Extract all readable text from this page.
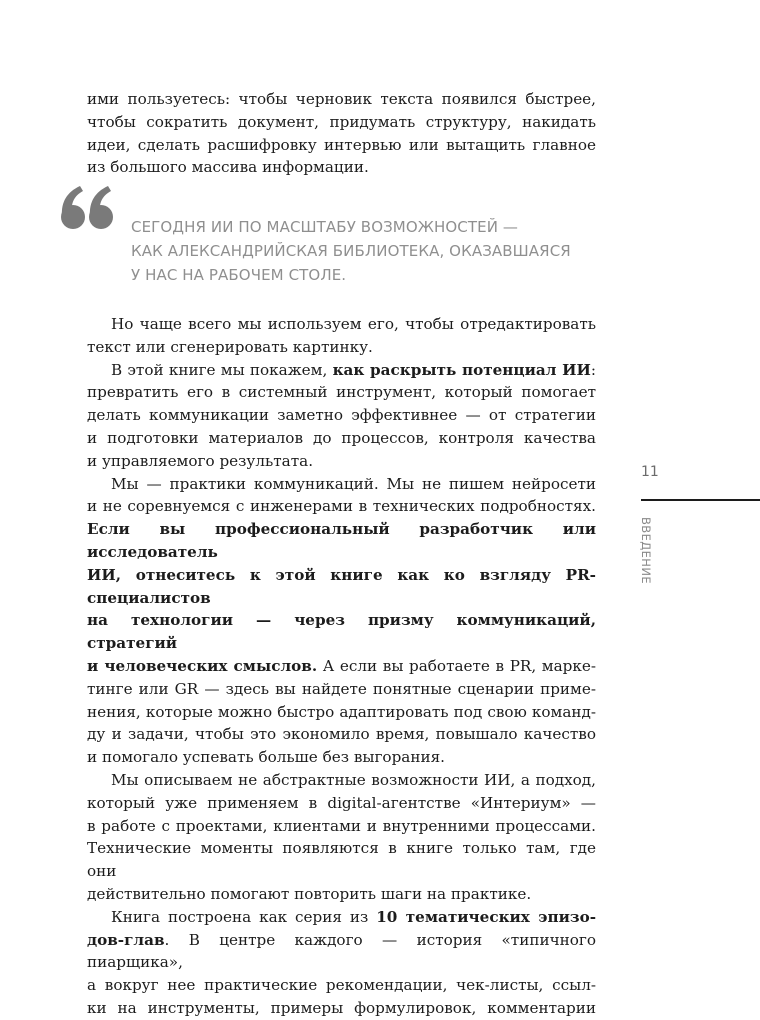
ими пользуетесь: чтобы черновик текста появился быстрее,

чтобы сократить документ, придумать структуру, накидать

идеи, сделать расшифровку интервью или вытащить главное

из большого массива информации.

СЕГОДНЯ ИИ ПО МАСШТАБУ ВОЗМОЖНОСТЕЙ —
КАК АЛЕКСАНДРИЙСКАЯ БИБЛИОТЕКА, ОКАЗАВШАЯСЯ
У НАС НА РАБОЧЕМ СТОЛЕ.

Но чаще всего мы используем его, чтобы отредактировать

текст или сгенерировать картинку.

В этой книге мы покажем, как раскрыть потенциал ИИ:

превратить его в системный инструмент, который помогает

делать коммуникации заметно эффективнее — от стратегии

и подготовки материалов до процессов, контроля качества

и управляемого результата.

Мы — практики коммуникаций. Мы не пишем нейросети

и не соревнуемся с инженерами в технических подробностях.

Если вы профессиональный разработчик или исследователь

ИИ, отнеситесь к этой книге как ко взгляду PR-специалистов

на технологии — через призму коммуникаций, стратегий

и человеческих смыслов. А если вы работаете в PR, марке-

тинге или GR — здесь вы найдете понятные сценарии приме-

нения, которые можно быстро адаптировать под свою команд-

ду и задачи, чтобы это экономило время, повышало качество

и помогало успевать больше без выгорания.

Мы описываем не абстрактные возможности ИИ, а подход,

который уже применяем в digital-агентстве «Интериум» —

в работе с проектами, клиентами и внутренними процессами.

Технические моменты появляются в книге только там, где они

действительно помогают повторить шаги на практике.

Книга построена как серия из 10 тематических эпизо-

дов-глав. В центре каждого — история «типичного пиарщика»,

а вокруг нее практические рекомендации, чек-листы, ссыл-

ки на инструменты, примеры формулировок, комментарии

11
ВВЕДЕНИЕ
